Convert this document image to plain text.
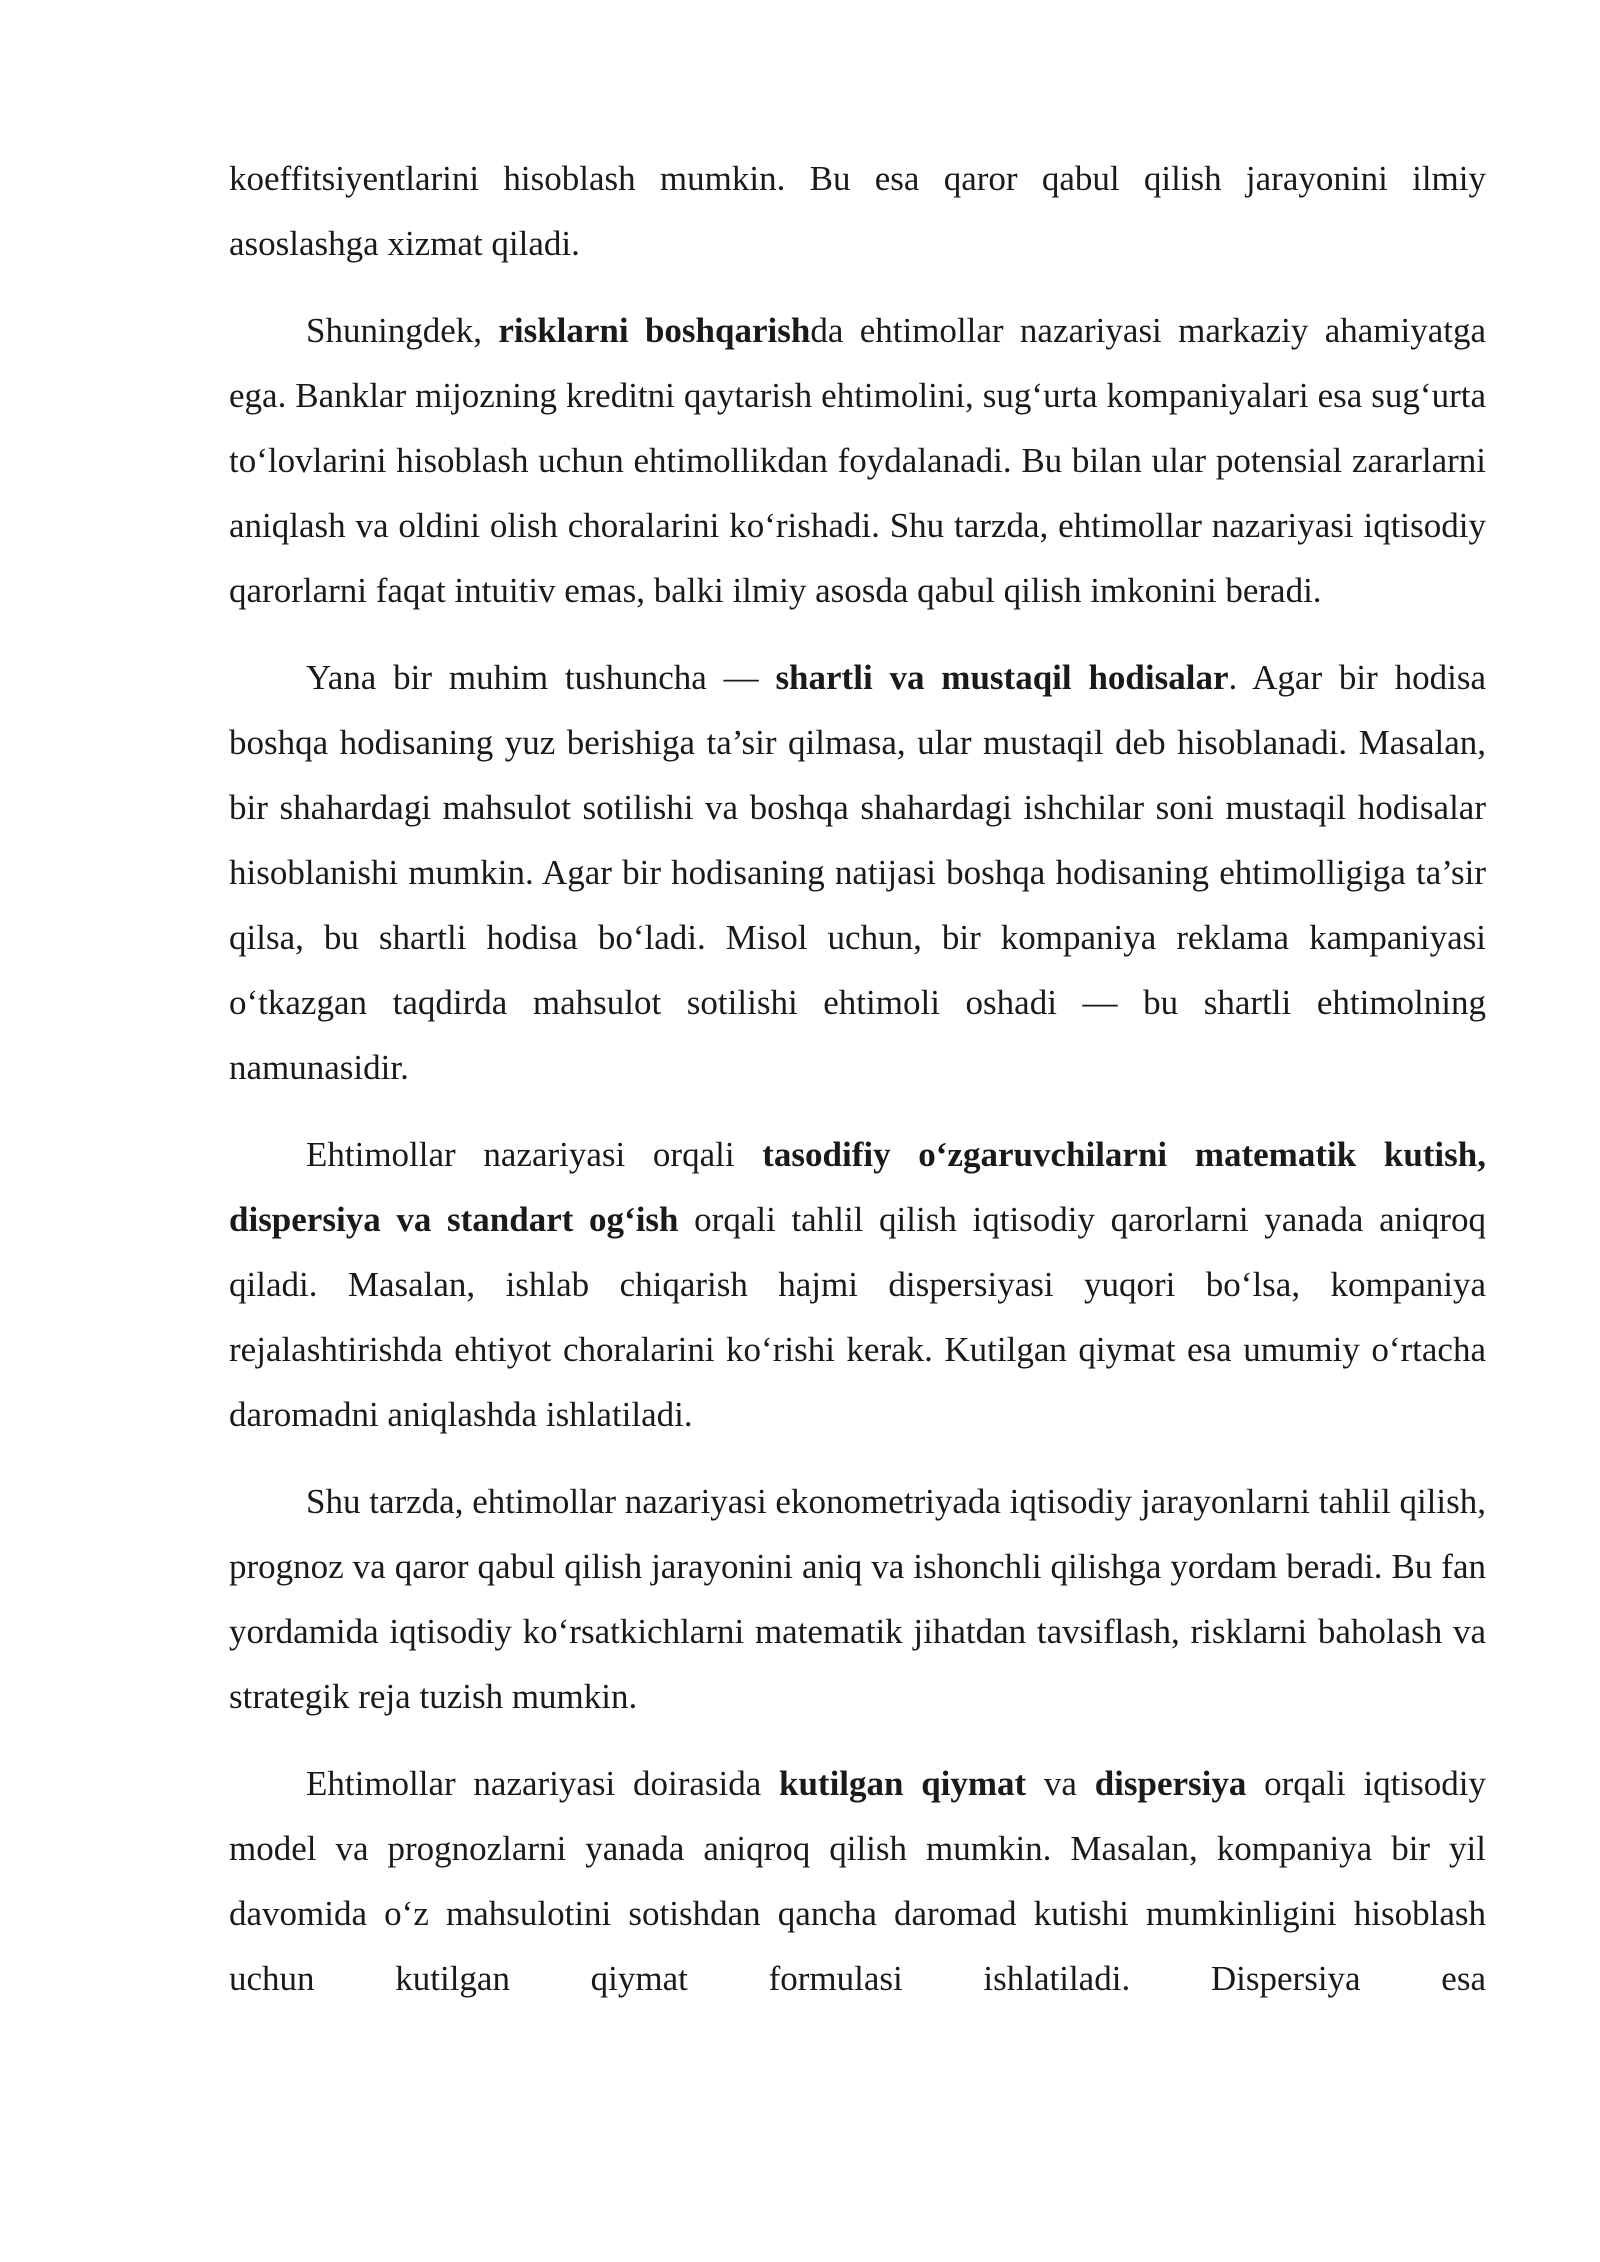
koeffitsiyentlarini hisoblash mumkin. Bu esa qaror qabul qilish jarayonini ilmiy asoslashga xizmat qiladi.

Shuningdek, risklarni boshqarishda ehtimollar nazariyasi markaziy ahamiyatga ega. Banklar mijozning kreditni qaytarish ehtimolini, sug‘urta kompaniyalari esa sug‘urta to‘lovlarini hisoblash uchun ehtimollikdan foydalanadi. Bu bilan ular potensial zararlarni aniqlash va oldini olish choralarini ko‘rishadi. Shu tarzda, ehtimollar nazariyasi iqtisodiy qarorlarni faqat intuitiv emas, balki ilmiy asosda qabul qilish imkonini beradi.

Yana bir muhim tushuncha — shartli va mustaqil hodisalar. Agar bir hodisa boshqa hodisaning yuz berishiga ta’sir qilmasa, ular mustaqil deb hisoblanadi. Masalan, bir shahardagi mahsulot sotilishi va boshqa shahardagi ishchilar soni mustaqil hodisalar hisoblanishi mumkin. Agar bir hodisaning natijasi boshqa hodisaning ehtimolligiga ta’sir qilsa, bu shartli hodisa bo‘ladi. Misol uchun, bir kompaniya reklama kampaniyasi o‘tkazgan taqdirda mahsulot sotilishi ehtimoli oshadi — bu shartli ehtimolning namunasidir.

Ehtimollar nazariyasi orqali tasodifiy o‘zgaruvchilarni matematik kutish, dispersiya va standart og‘ish orqali tahlil qilish iqtisodiy qarorlarni yanada aniqroq qiladi. Masalan, ishlab chiqarish hajmi dispersiyasi yuqori bo‘lsa, kompaniya rejalashtirishda ehtiyot choralarini ko‘rishi kerak. Kutilgan qiymat esa umumiy o‘rtacha daromadni aniqlashda ishlatiladi.

Shu tarzda, ehtimollar nazariyasi ekonometriyada iqtisodiy jarayonlarni tahlil qilish, prognoz va qaror qabul qilish jarayonini aniq va ishonchli qilishga yordam beradi. Bu fan yordamida iqtisodiy ko‘rsatkichlarni matematik jihatdan tavsiflash, risklarni baholash va strategik reja tuzish mumkin.

Ehtimollar nazariyasi doirasida kutilgan qiymat va dispersiya orqali iqtisodiy model va prognozlarni yanada aniqroq qilish mumkin. Masalan, kompaniya bir yil davomida o‘z mahsulotini sotishdan qancha daromad kutishi mumkinligini hisoblash uchun kutilgan qiymat formulasi ishlatiladi. Dispersiya esa
